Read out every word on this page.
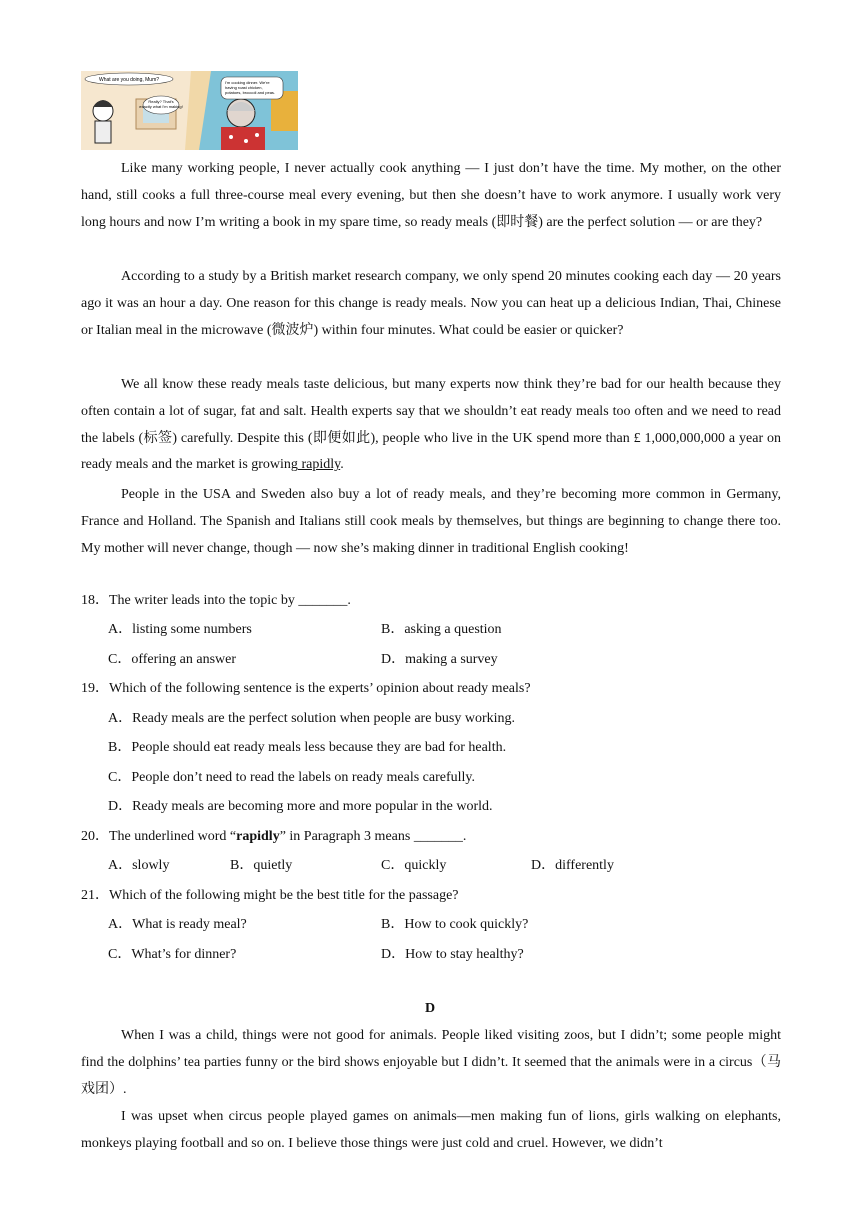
What are you doing, Mum?
Really? That's
exactly what I'm making!
I'm cooking dinner. We're
having roast chicken,
potatoes, broccoli and peas.

Like many working people, I never actually cook anything — I just don’t have the time. My mother, on the other hand, still cooks a full three-course meal every evening, but then she doesn’t have to work anymore. I usually work very long hours and now I’m writing a book in my spare time, so ready meals (即时餐) are the perfect solution — or are they?

According to a study by a British market research company, we only spend 20 minutes cooking each day — 20 years ago it was an hour a day. One reason for this change is ready meals. Now you can heat up a delicious Indian, Thai, Chinese or Italian meal in the microwave (微波炉) within four minutes. What could be easier or quicker?

We all know these ready meals taste delicious, but many experts now think they’re bad for our health because they often contain a lot of sugar, fat and salt. Health experts say that we shouldn’t eat ready meals too often and we need to read the labels (标签) carefully. Despite this (即便如此), people who live in the UK spend more than £ 1,000,000,000 a year on ready meals and the market is growing rapidly.

People in the USA and Sweden also buy a lot of ready meals, and they’re becoming more common in Germany, France and Holland. The Spanish and Italians still cook meals by themselves, but things are beginning to change there too. My mother will never change, though — now she’s making dinner in traditional English cooking!

18．The writer leads into the topic by _______.
A．listing some numbers	B．asking a question
C．offering an answer	D．making a survey
19．Which of the following sentence is the experts’ opinion about ready meals?
A．Ready meals are the perfect solution when people are busy working.
B．People should eat ready meals less because they are bad for health.
C．People don’t need to read the labels on ready meals carefully.
D．Ready meals are becoming more and more popular in the world.
20．The underlined word “rapidly” in Paragraph 3 means _______.
A．slowly	B．quietly	C．quickly	D．differently
21．Which of the following might be the best title for the passage?
A．What is ready meal?	B．How to cook quickly?
C．What’s for dinner?	D．How to stay healthy?
D

When I was a child, things were not good for animals. People liked visiting zoos, but I didn’t; some people might find the dolphins’ tea parties funny or the bird shows enjoyable but I didn’t. It seemed that the animals were in a circus（马戏团）.

I was upset when circus people played games on animals—men making fun of lions, girls walking on elephants, monkeys playing football and so on. I believe those things were just cold and cruel. However, we didn’t
